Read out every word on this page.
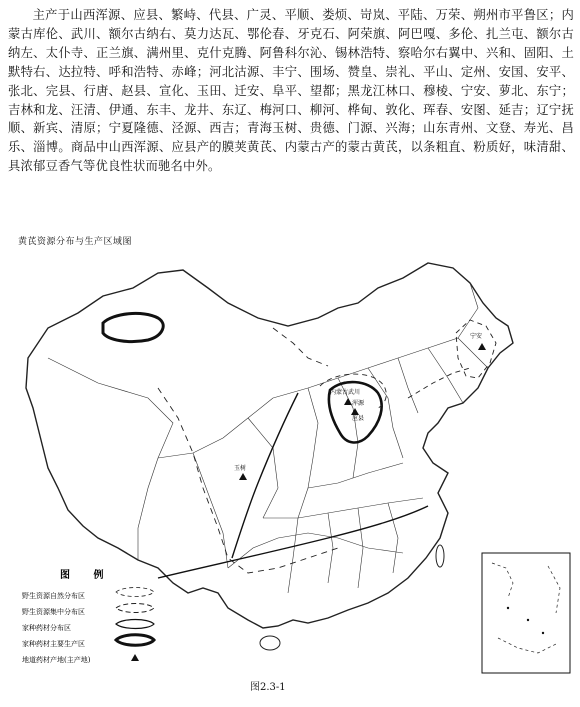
主产于山西浑源、应县、繁峙、代县、广灵、平顺、娄烦、岢岚、平陆、万荣、朔州市平鲁区；内蒙古库伦、武川、额尔古纳右、莫力达瓦、鄂伦春、牙克石、阿荣旗、阿巴嘎、多伦、扎兰屯、额尔古纳左、太仆寺、正兰旗、满州里、克什克腾、阿鲁科尔沁、锡林浩特、察哈尔右翼中、兴和、固阳、土默特右、达拉特、呼和浩特、赤峰；河北沽源、丰宁、围场、赞皇、崇礼、平山、定州、安国、安平、张北、完县、行唐、赵县、宣化、玉田、迁安、阜平、望都；黑龙江林口、穆棱、宁安、萝北、东宁；吉林和龙、汪清、伊通、东丰、龙井、东辽、梅河口、柳河、桦甸、敦化、珲春、安图、延吉；辽宁抚顺、新宾、清原；宁夏隆德、泾源、西吉；青海玉树、贵德、门源、兴海；山东青州、文登、寿光、昌乐、淄博。商品中山西浑源、应县产的膜荚黄芪、内蒙古产的蒙古黄芪，以条粗直、粉质好，味清甜、具浓郁豆香气等优良性状而驰名中外。

黄芪资源分布与生产区域图
内蒙古武川
浑源
应县
玉树
宁安
图 例
野生资源自然分布区
野生资源集中分布区
家种药材分布区
家种药材主要生产区
地道药材产地(主产地)
图2.3-1
